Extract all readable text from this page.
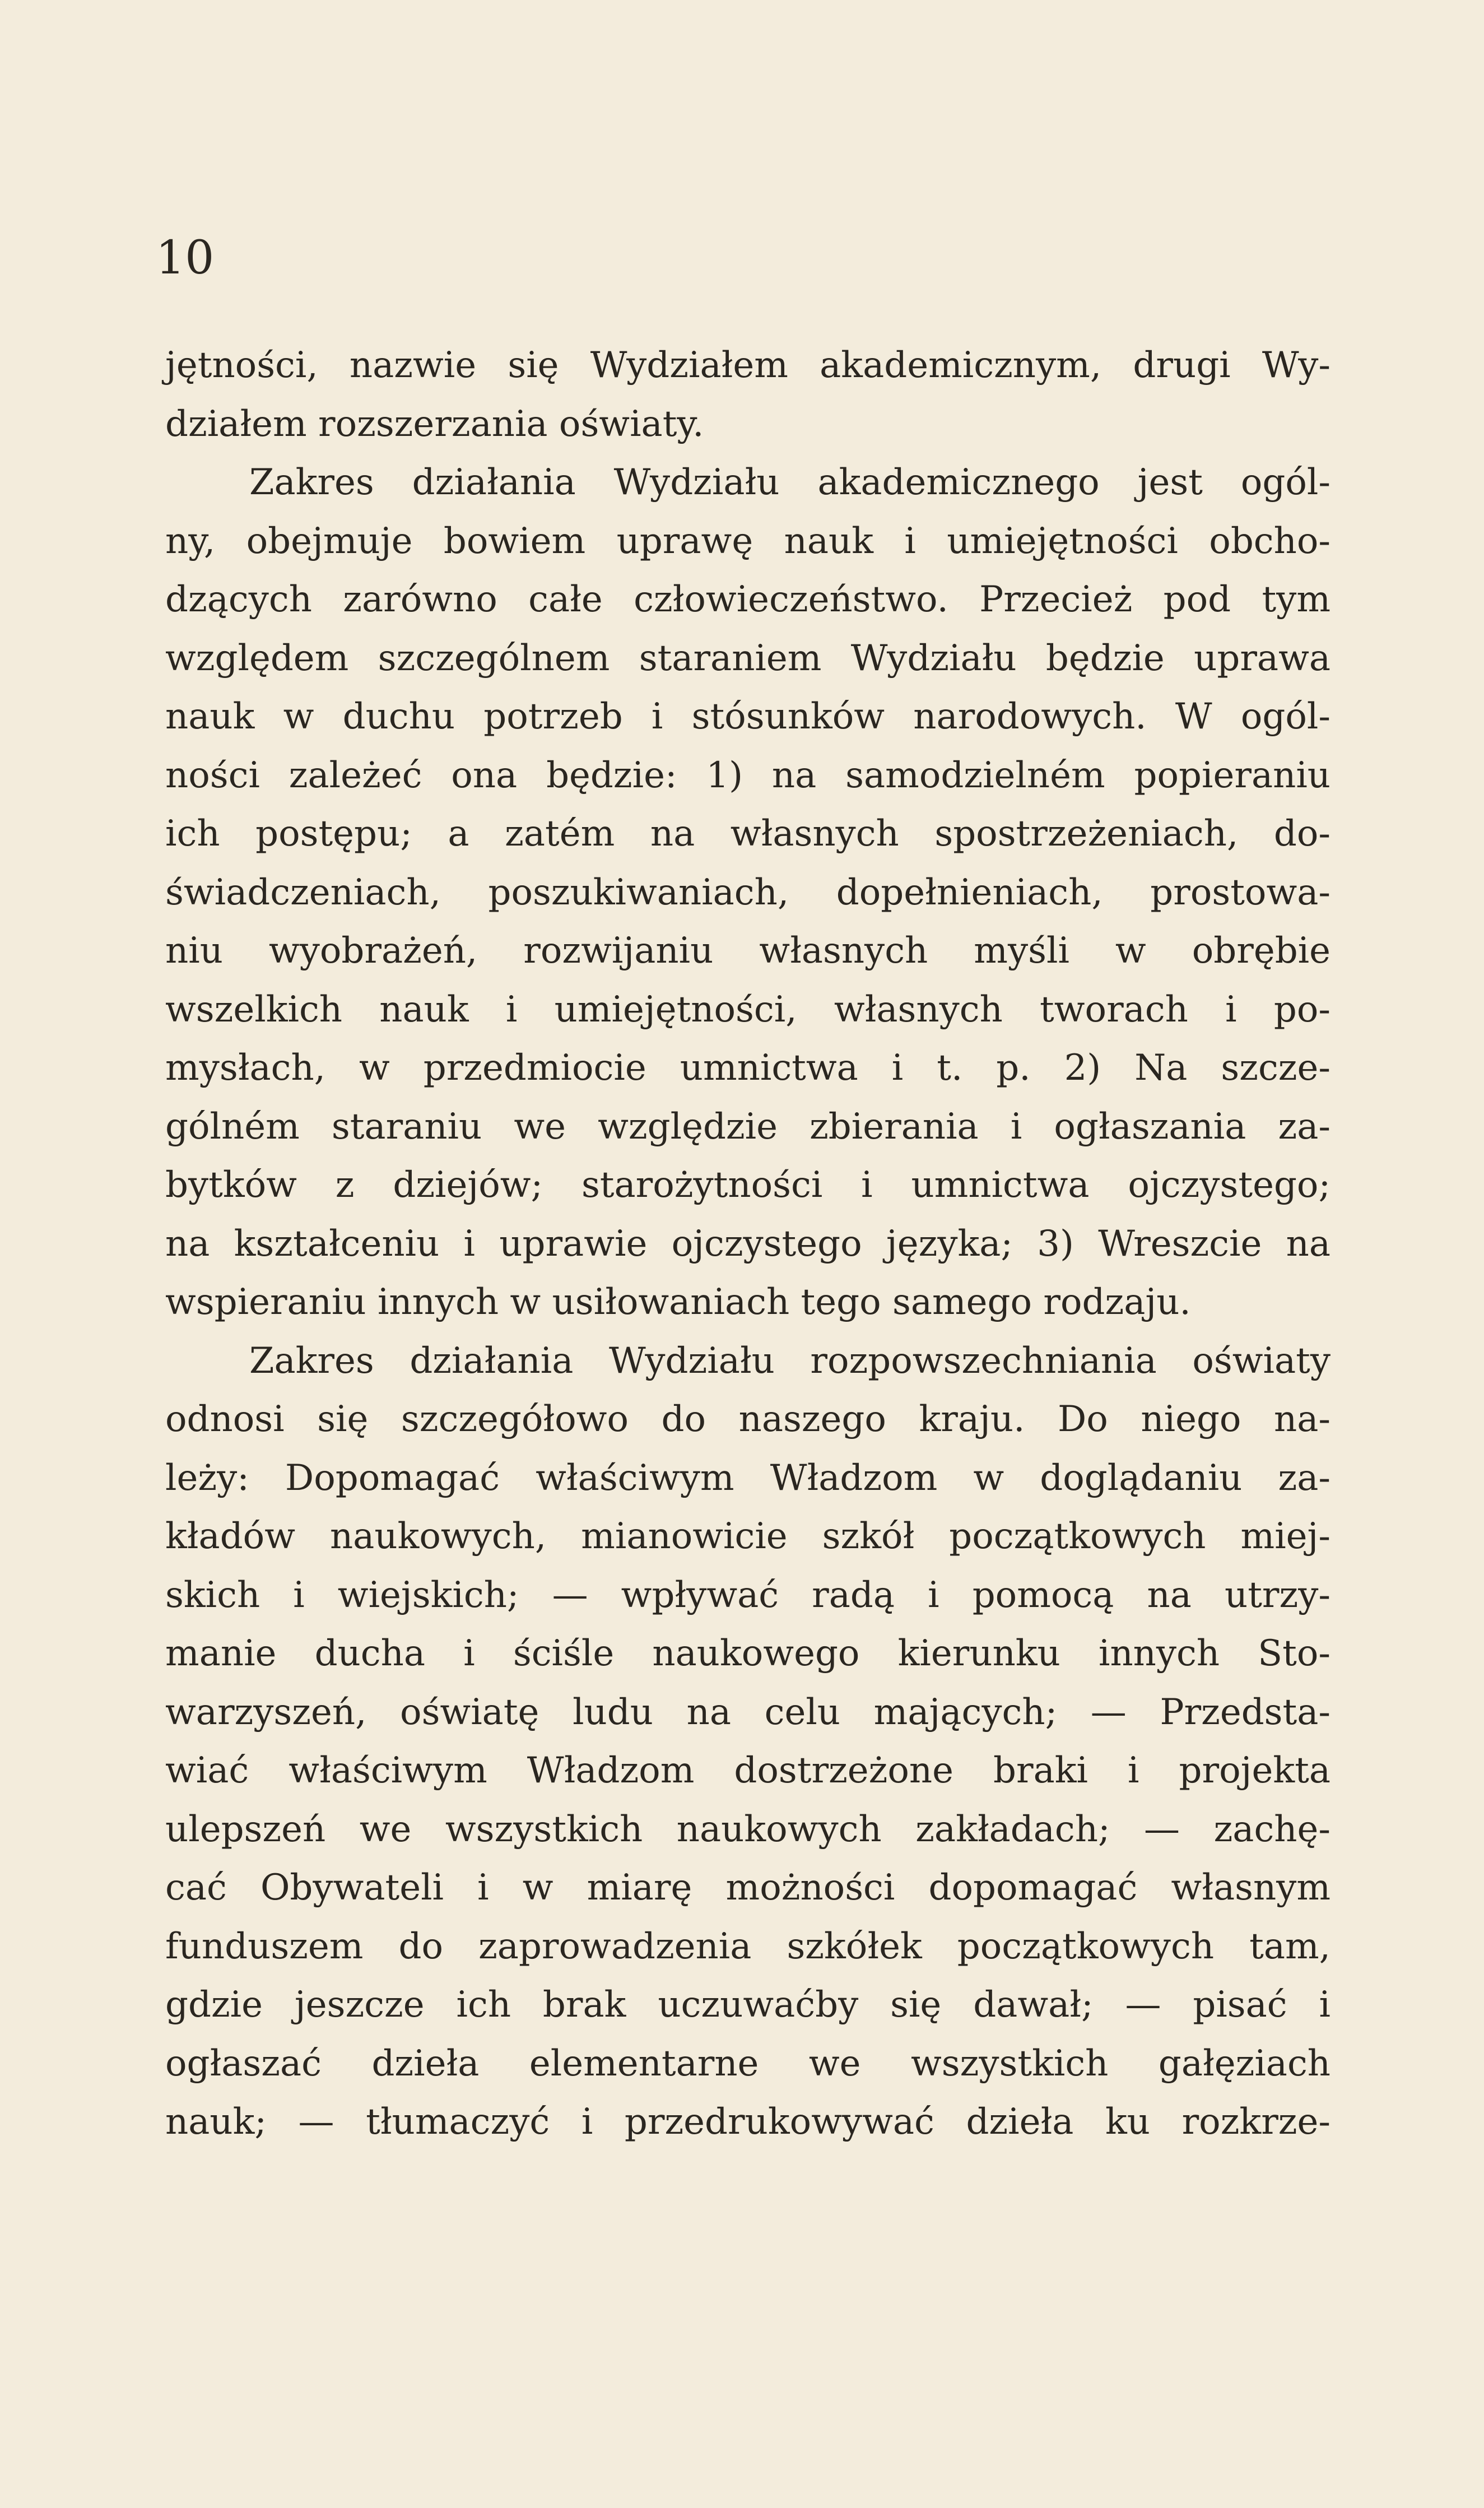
10
jętności, nazwie się Wydziałem akademicznym, drugi Wy-
działem rozszerzania oświaty.
Zakres działania Wydziału akademicznego jest ogól-
ny, obejmuje bowiem uprawę nauk i umiejętności obcho-
dzących zarówno całe człowieczeństwo. Przecież pod tym
względem szczególnem staraniem Wydziału będzie uprawa
nauk w duchu potrzeb i stósunków narodowych. W ogól-
ności zależeć ona będzie: 1) na samodzielném popieraniu
ich postępu; a zatém na własnych spostrzeżeniach, do-
świadczeniach, poszukiwaniach, dopełnieniach, prostowa-
niu wyobrażeń, rozwijaniu własnych myśli w obrębie
wszelkich nauk i umiejętności, własnych tworach i po-
mysłach, w przedmiocie umnictwa i t. p. 2) Na szcze-
gólném staraniu we względzie zbierania i ogłaszania za-
bytków z dziejów; starożytności i umnictwa ojczystego;
na kształceniu i uprawie ojczystego języka; 3) Wreszcie na
wspieraniu innych w usiłowaniach tego samego rodzaju.
Zakres działania Wydziału rozpowszechniania oświaty
odnosi się szczegółowo do naszego kraju. Do niego na-
leży: Dopomagać właściwym Władzom w doglądaniu za-
kładów naukowych, mianowicie szkół początkowych miej-
skich i wiejskich; — wpływać radą i pomocą na utrzy-
manie ducha i ściśle naukowego kierunku innych Sto-
warzyszeń, oświatę ludu na celu mających; — Przedsta-
wiać właściwym Władzom dostrzeżone braki i projekta
ulepszeń we wszystkich naukowych zakładach; — zachę-
cać Obywateli i w miarę możności dopomagać własnym
funduszem do zaprowadzenia szkółek początkowych tam,
gdzie jeszcze ich brak uczuwaćby się dawał; — pisać i
ogłaszać dzieła elementarne we wszystkich gałęziach
nauk; — tłumaczyć i przedrukowywać dzieła ku rozkrze-
